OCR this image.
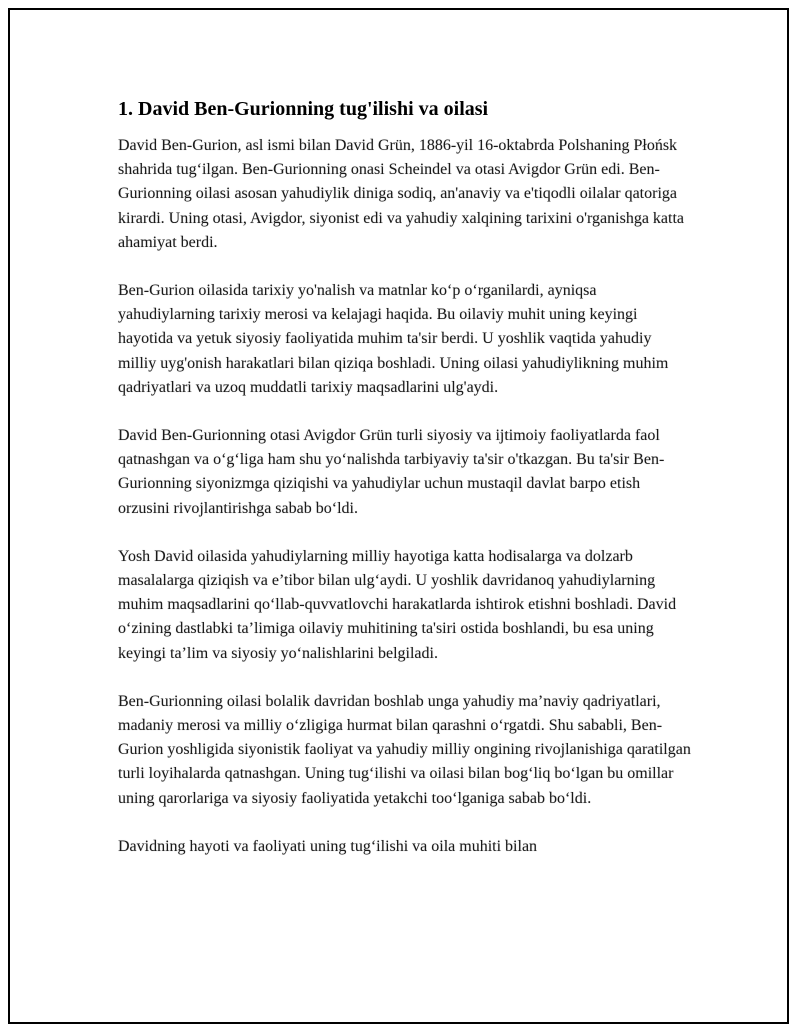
1. David Ben-Gurionning tug'ilishi va oilasi

David Ben-Gurion, asl ismi bilan David Grün, 1886-yil 16-oktabrda Polshaning Płońsk shahrida tug‘ilgan. Ben-Gurionning onasi Scheindel va otasi Avigdor Grün edi. Ben-Gurionning oilasi asosan yahudiylik diniga sodiq, an'anaviy va e'tiqodli oilalar qatoriga kirardi. Uning otasi, Avigdor, siyonist edi va yahudiy xalqining tarixini o'rganishga katta ahamiyat berdi.

Ben-Gurion oilasida tarixiy yo'nalish va matnlar ko‘p o‘rganilardi, ayniqsa yahudiylarning tarixiy merosi va kelajagi haqida. Bu oilaviy muhit uning keyingi hayotida va yetuk siyosiy faoliyatida muhim ta'sir berdi. U yoshlik vaqtida yahudiy milliy uyg'onish harakatlari bilan qiziqa boshladi. Uning oilasi yahudiylikning muhim qadriyatlari va uzoq muddatli tarixiy maqsadlarini ulg'aydi.

David Ben-Gurionning otasi Avigdor Grün turli siyosiy va ijtimoiy faoliyatlarda faol qatnashgan va o‘g‘liga ham shu yo‘nalishda tarbiyaviy ta'sir o'tkazgan. Bu ta'sir Ben-Gurionning siyonizmga qiziqishi va yahudiylar uchun mustaqil davlat barpo etish orzusini rivojlantirishga sabab bo‘ldi.

Yosh David oilasida yahudiylarning milliy hayotiga katta hodisalarga va dolzarb masalalarga qiziqish va e’tibor bilan ulg‘aydi. U yoshlik davridanoq yahudiylarning muhim maqsadlarini qo‘llab-quvvatlovchi harakatlarda ishtirok etishni boshladi. David o‘zining dastlabki ta’limiga oilaviy muhitining ta'siri ostida boshlandi, bu esa uning keyingi ta’lim va siyosiy yo‘nalishlarini belgiladi.

Ben-Gurionning oilasi bolalik davridan boshlab unga yahudiy ma’naviy qadriyatlari, madaniy merosi va milliy o‘zligiga hurmat bilan qarashni o‘rgatdi. Shu sababli, Ben-Gurion yoshligida siyonistik faoliyat va yahudiy milliy ongining rivojlanishiga qaratilgan turli loyihalarda qatnashgan. Uning tug‘ilishi va oilasi bilan bog‘liq bo‘lgan bu omillar uning qarorlariga va siyosiy faoliyatida yetakchi too‘lganiga sabab bo‘ldi.

Davidning hayoti va faoliyati uning tug‘ilishi va oila muhiti bilan
